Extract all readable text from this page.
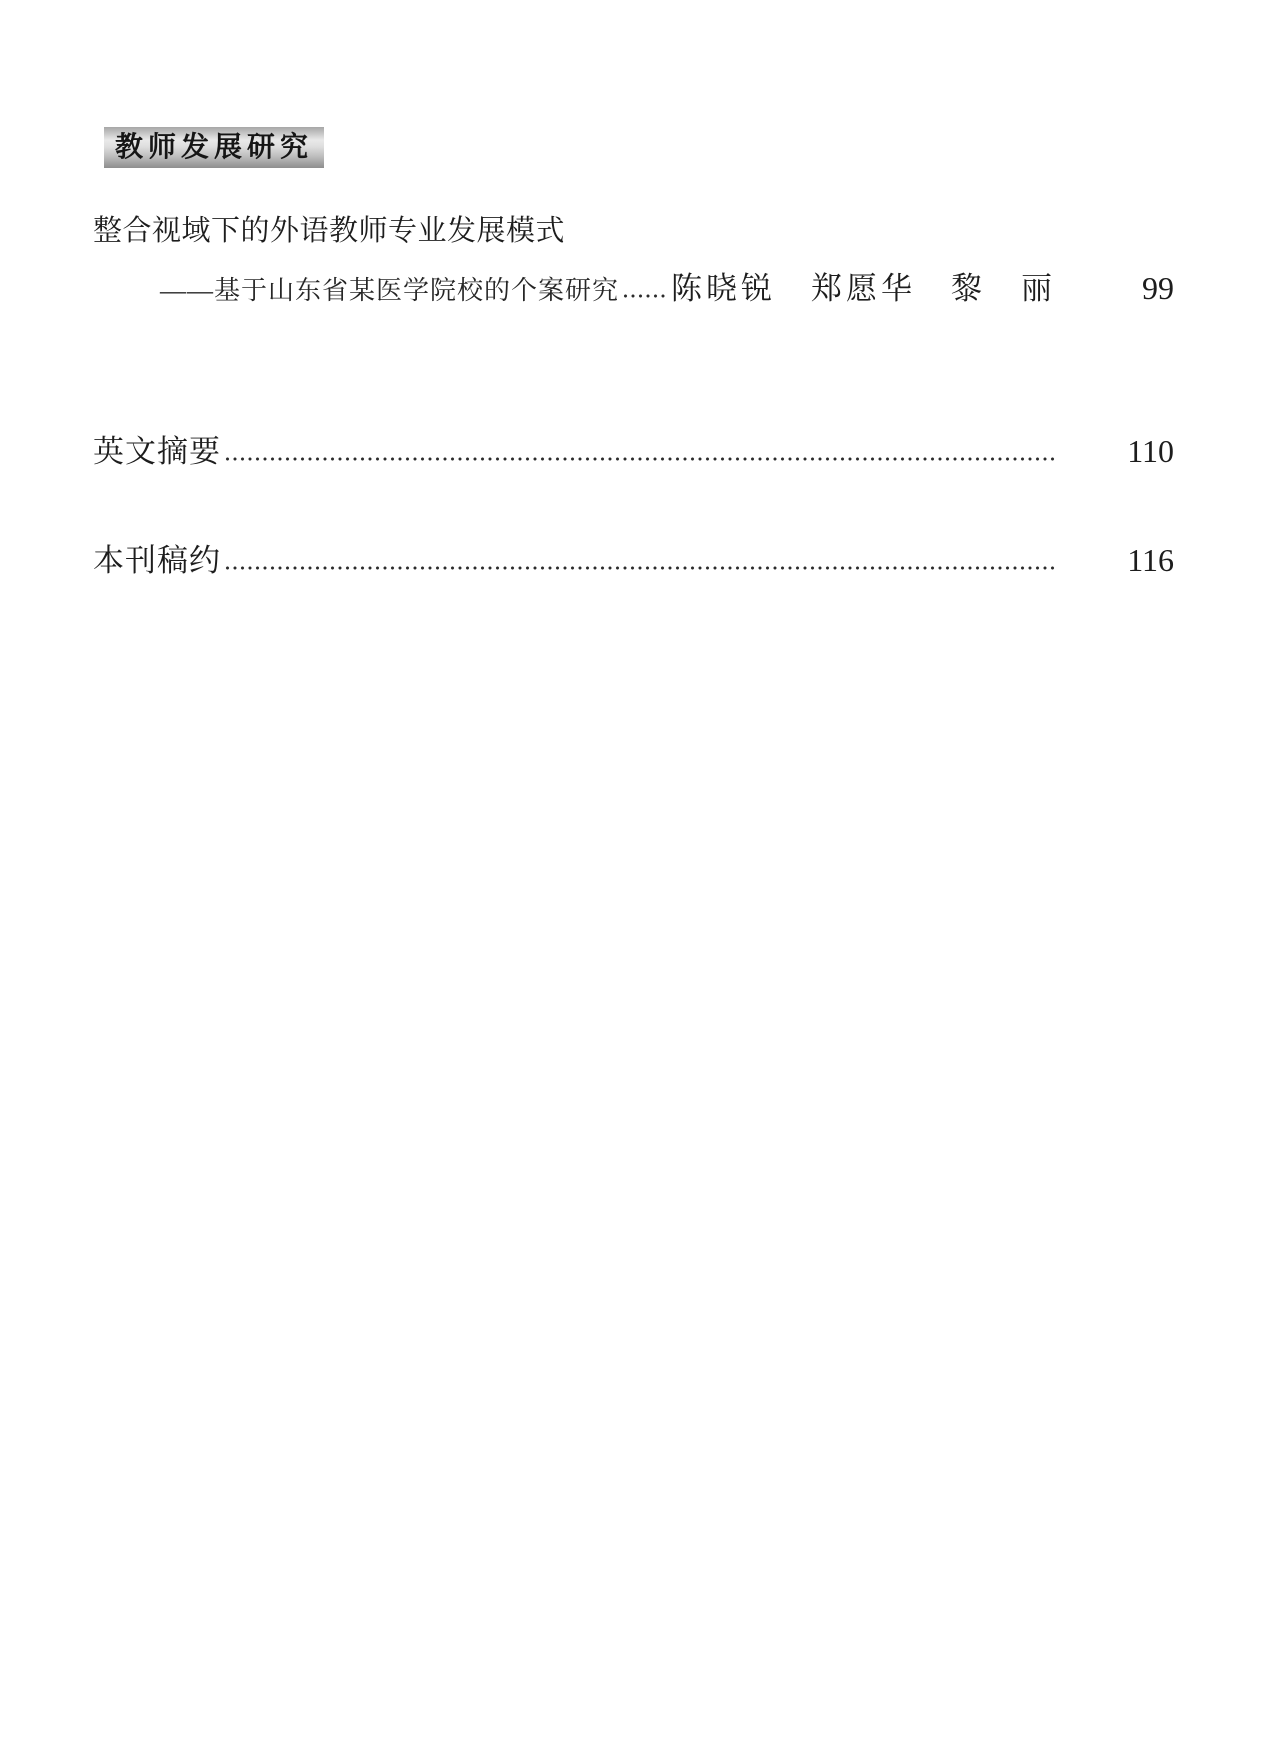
教师发展研究
整合视域下的外语教师专业发展模式
——基于山东省某医学院校的个案研究 陈晓锐　郑愿华　黎　丽	99
英文摘要	110
本刊稿约	116
